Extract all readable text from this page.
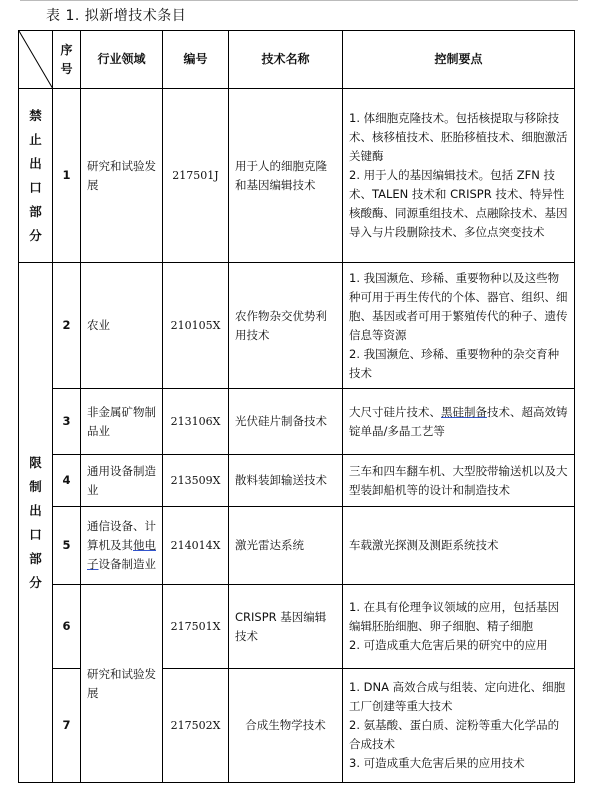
表 1. 拟新增技术条目
	序号	行业领域	编号	技术名称	控制要点

禁止出口部分	1	研究和试验发展	217501J	用于人的细胞克隆和基因编辑技术	1. 体细胞克隆技术。包括核提取与移除技术、核移植技术、胚胎移植技术、细胞激活关键酶
2. 用于人的基因编辑技术。包括 ZFN 技术、TALEN 技术和 CRISPR 技术、特异性核酸酶、同源重组技术、点融除技术、基因导入与片段删除技术、多位点突变技术

限制出口部分	2	农业	210105X	农作物杂交优势利用技术	1. 我国濒危、珍稀、重要物种以及这些物种可用于再生传代的个体、器官、组织、细胞、基因或者可用于繁殖传代的种子、遗传信息等资源
2. 我国濒危、珍稀、重要物种的杂交育种技术
	3	非金属矿物制品业	213106X	光伏硅片制备技术	大尺寸硅片技术、黑硅制备技术、超高效铸锭单晶/多晶工艺等
	4	通用设备制造业	213509X	散料装卸输送技术	三车和四车翻车机、大型胶带输送机以及大型装卸船机等的设计和制造技术
	5	通信设备、计算机及其他电子设备制造业	214014X	激光雷达系统	车载激光探测及测距系统技术
	6	研究和试验发展	217501X	CRISPR 基因编辑技术	1. 在具有伦理争议领域的应用，包括基因编辑胚胎细胞、卵子细胞、精子细胞
2. 可造成重大危害后果的研究中的应用
	7		217502X	合成生物学技术	1. DNA 高效合成与组装、定向进化、细胞工厂创建等重大技术
2. 氨基酸、蛋白质、淀粉等重大化学品的合成技术
3. 可造成重大危害后果的应用技术
